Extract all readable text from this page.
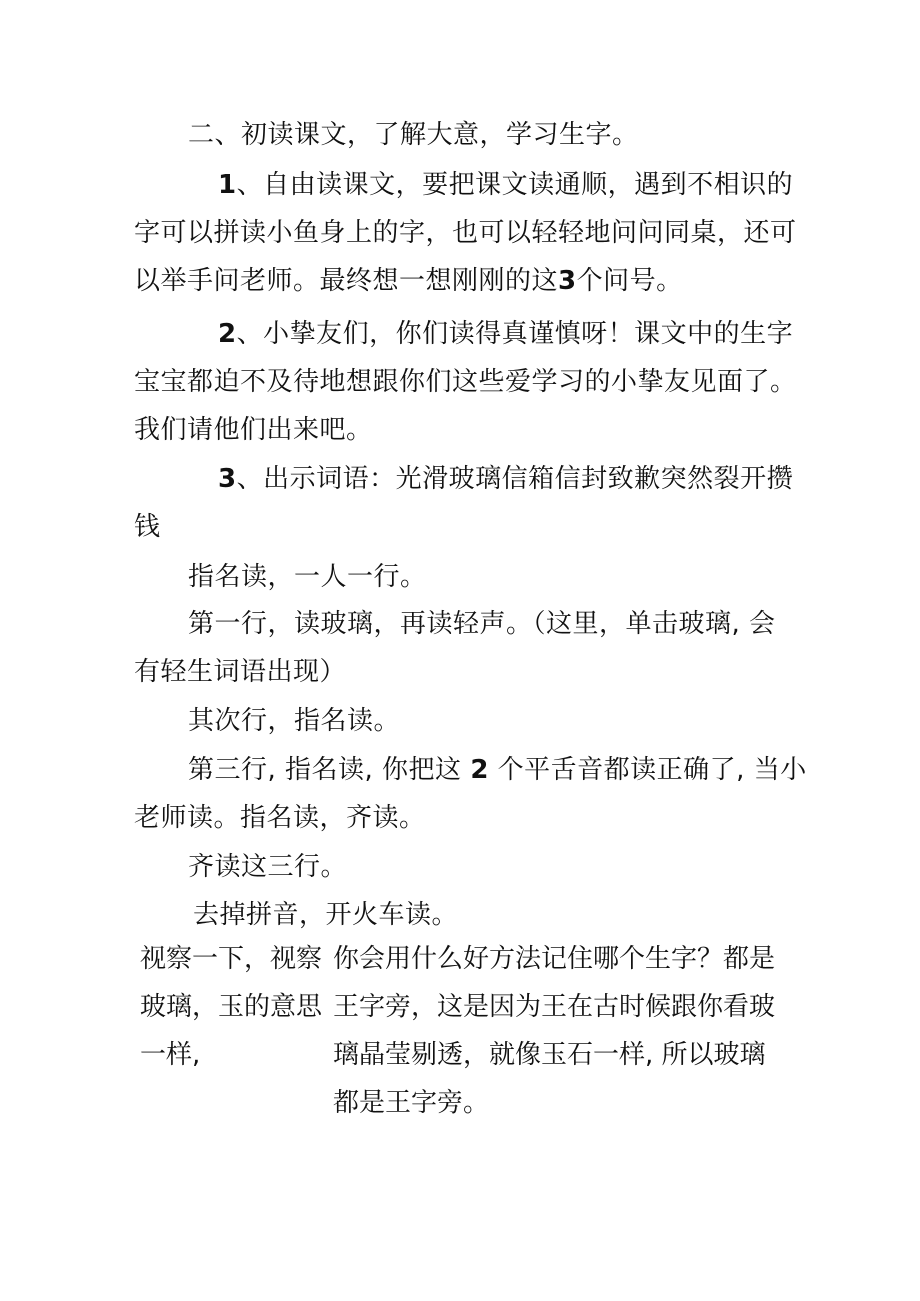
二、初读课文，了解大意，学习生字。
1、自由读课文，要把课文读通顺，遇到不相识的
字可以拼读小鱼身上的字，也可以轻轻地问问同桌，还可
以举手问老师。最终想一想刚刚的这3个问号。
2、小挚友们，你们读得真谨慎呀！课文中的生字
宝宝都迫不及待地想跟你们这些爱学习的小挚友见面了。
我们请他们出来吧。
3、出示词语：光滑玻璃信箱信封致歉突然裂开攒
钱
指名读，一人一行。
第一行，读玻璃，再读轻声。（这里，单击玻璃, 会
有轻生词语出现）
其次行，指名读。
第三行, 指名读, 你把这 2 个平舌音都读正确了, 当小
老师读。指名读，齐读。
齐读这三行。
去掉拼音，开火车读。
视察一下，视察
玻璃，玉的意思
一样,
你会用什么好方法记住哪个生字？都是
王字旁，这是因为王在古时候跟你看玻
璃晶莹剔透，就像玉石一样, 所以玻璃
都是王字旁。
